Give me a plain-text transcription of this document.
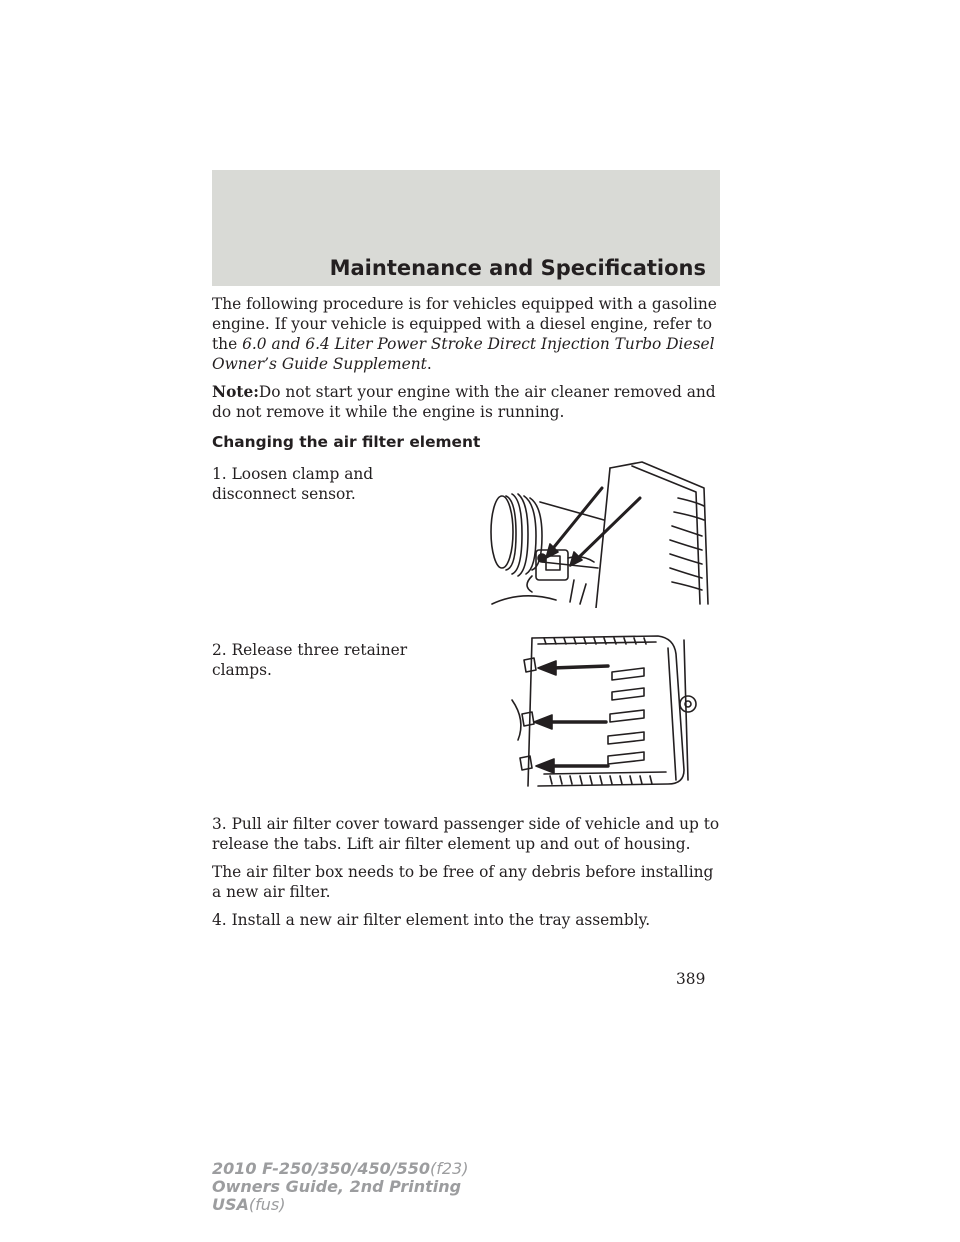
Maintenance and Specifications

The following procedure is for vehicles equipped with a gasoline engine. If your vehicle is equipped with a diesel engine, refer to the 6.0 and 6.4 Liter Power Stroke Direct Injection Turbo Diesel Owner’s Guide Supplement.

Note:Do not start your engine with the air cleaner removed and do not remove it while the engine is running.

Changing the air filter element

1. Loosen clamp and disconnect sensor.

2. Release three retainer clamps.

3. Pull air filter cover toward passenger side of vehicle and up to release the tabs. Lift air filter element up and out of housing.

The air filter box needs to be free of any debris before installing a new air filter.

4. Install a new air filter element into the tray assembly.

389
2010 F-250/350/450/550(f23)
Owners Guide, 2nd Printing
USA(fus)
